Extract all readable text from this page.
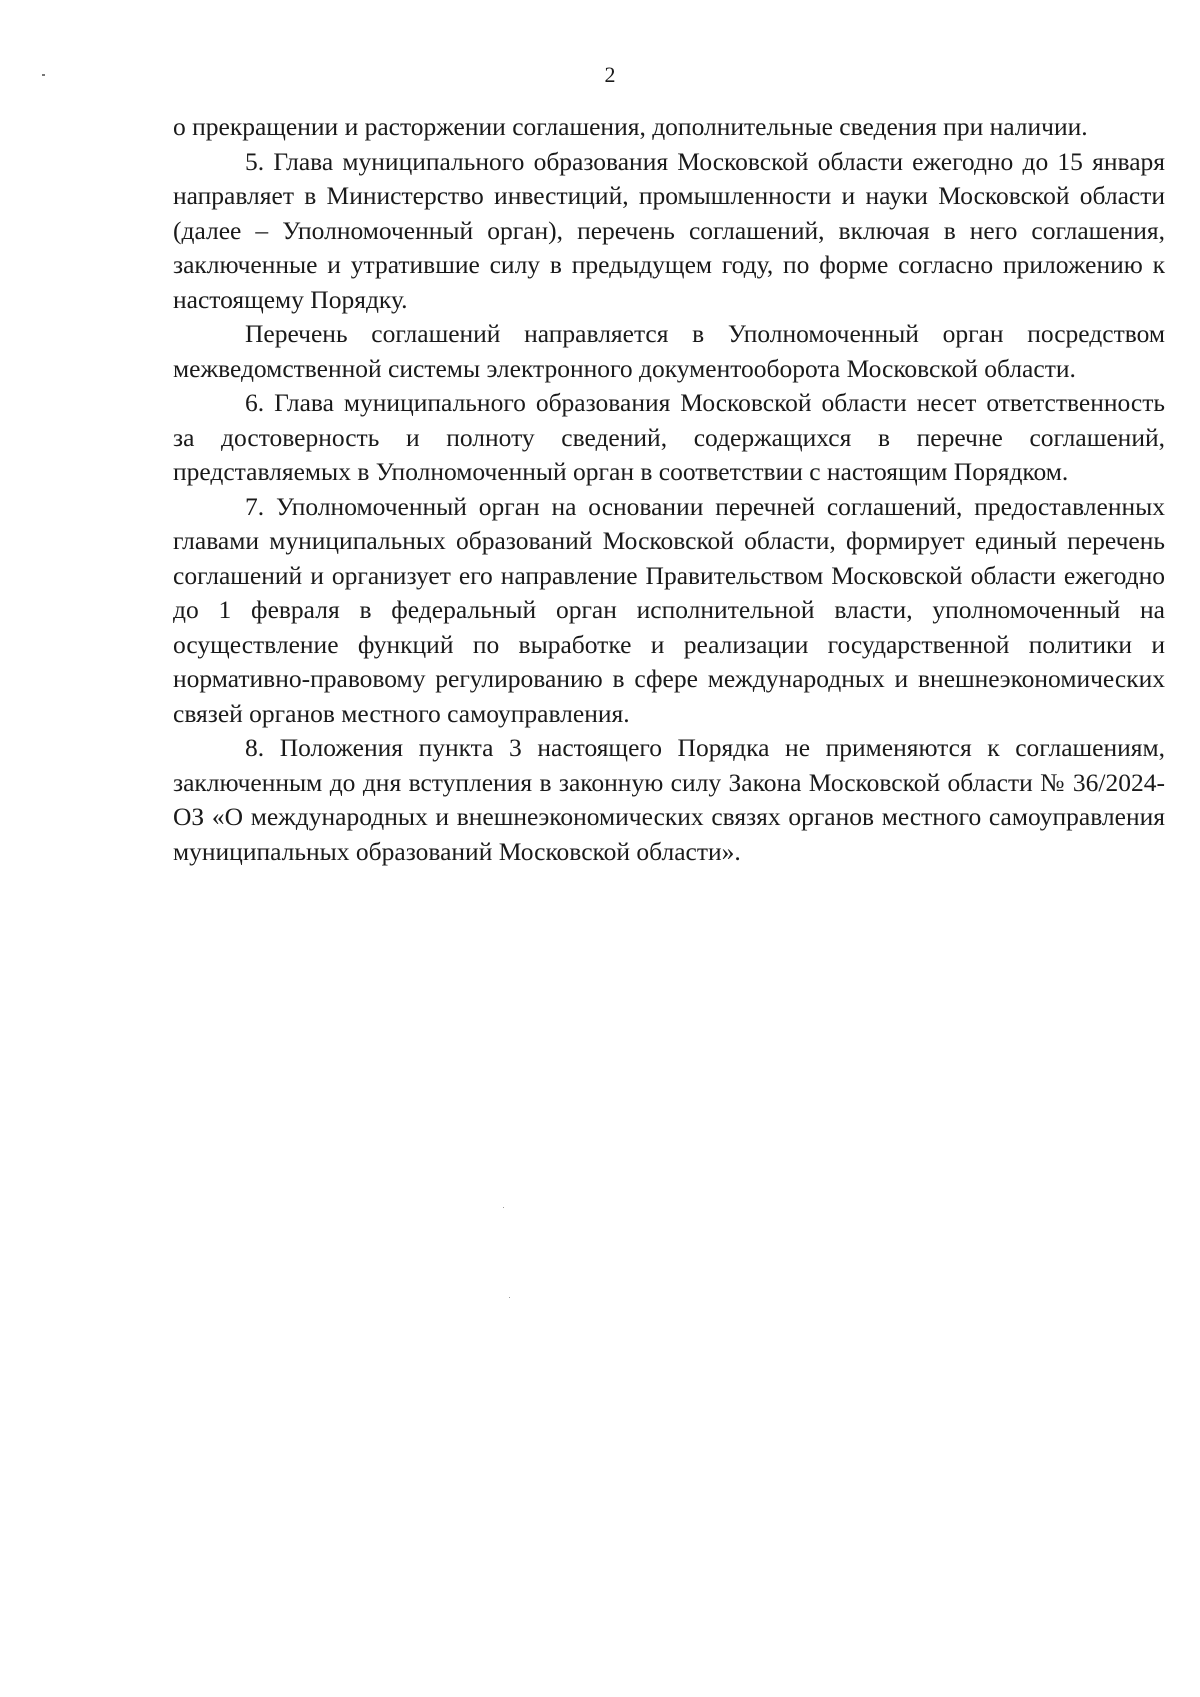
2

о прекращении и расторжении соглашения, дополнительные сведения при наличии.

5. Глава муниципального образования Московской области ежегодно до 15 января направляет в Министерство инвестиций, промышленности и науки Московской области (далее – Уполномоченный орган), перечень соглашений, включая в него соглашения, заключенные и утратившие силу в предыдущем году, по форме согласно приложению к настоящему Порядку.

Перечень соглашений направляется в Уполномоченный орган посредством межведомственной системы электронного документооборота Московской области.

6. Глава муниципального образования Московской области несет ответственность за достоверность и полноту сведений, содержащихся в перечне соглашений, представляемых в Уполномоченный орган в соответствии с настоящим Порядком.

7. Уполномоченный орган на основании перечней соглашений, предоставленных главами муниципальных образований Московской области, формирует единый перечень соглашений и организует его направление Правительством Московской области ежегодно до 1 февраля в федеральный орган исполнительной власти, уполномоченный на осуществление функций по выработке и реализации государственной политики и нормативно-правовому регулированию в сфере международных и внешнеэкономических связей органов местного самоуправления.

8. Положения пункта 3 настоящего Порядка не применяются к соглашениям, заключенным до дня вступления в законную силу Закона Московской области № 36/2024-ОЗ «О международных и внешнеэкономических связях органов местного самоуправления муниципальных образований Московской области».
